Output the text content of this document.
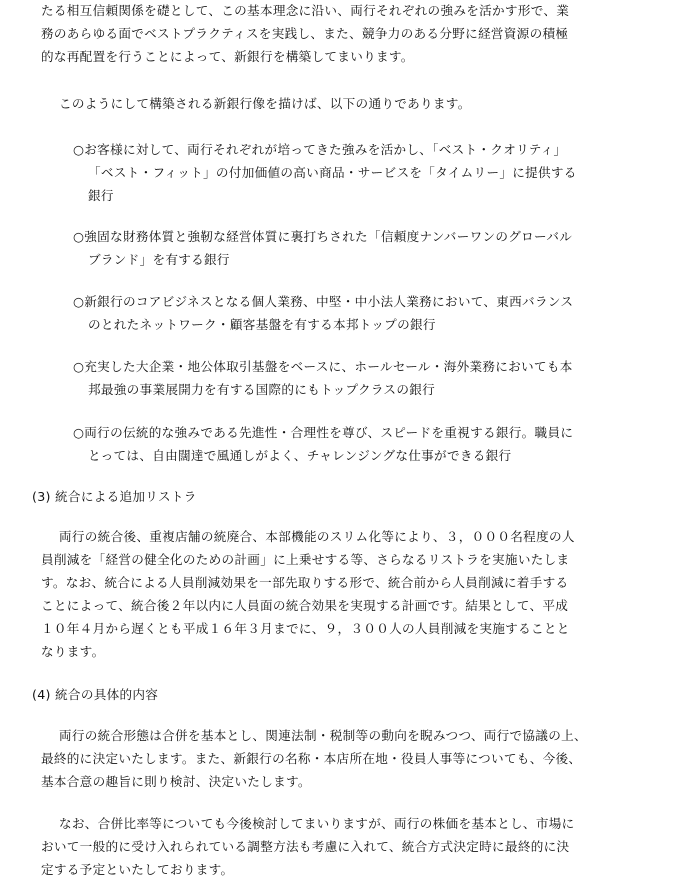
たる相互信頼関係を礎として、この基本理念に沿い、両行それぞれの強みを活かす形で、業
務のあらゆる面でベストプラクティスを実践し、また、競争力のある分野に経営資源の積極
的な再配置を行うことによって、新銀行を構築してまいります。
このようにして構築される新銀行像を描けば、以下の通りであります。
○お客様に対して、両行それぞれが培ってきた強みを活かし、「ベスト・クオリティ」
「ベスト・フィット」の付加価値の高い商品・サービスを「タイムリー」に提供する
銀行
○強固な財務体質と強靭な経営体質に裏打ちされた「信頼度ナンバーワンのグローバル
ブランド」を有する銀行
○新銀行のコアビジネスとなる個人業務、中堅・中小法人業務において、東西バランス
のとれたネットワーク・顧客基盤を有する本邦トップの銀行
○充実した大企業・地公体取引基盤をベースに、ホールセール・海外業務においても本
邦最強の事業展開力を有する国際的にもトップクラスの銀行
○両行の伝統的な強みである先進性・合理性を尊び、スピードを重視する銀行。職員に
とっては、自由闊達で風通しがよく、チャレンジングな仕事ができる銀行
(3) 統合による追加リストラ
両行の統合後、重複店舗の統廃合、本部機能のスリム化等により、３，０００名程度の人
員削減を「経営の健全化のための計画」に上乗せする等、さらなるリストラを実施いたしま
す。なお、統合による人員削減効果を一部先取りする形で、統合前から人員削減に着手する
ことによって、統合後２年以内に人員面の統合効果を実現する計画です。結果として、平成
１０年４月から遅くとも平成１６年３月までに、９，３００人の人員削減を実施することと
なります。
(4) 統合の具体的内容
両行の統合形態は合併を基本とし、関連法制・税制等の動向を睨みつつ、両行で協議の上、
最終的に決定いたします。また、新銀行の名称・本店所在地・役員人事等についても、今後、
基本合意の趣旨に則り検討、決定いたします。
なお、合併比率等についても今後検討してまいりますが、両行の株価を基本とし、市場に
おいて一般的に受け入れられている調整方法も考慮に入れて、統合方式決定時に最終的に決
定する予定といたしております。
